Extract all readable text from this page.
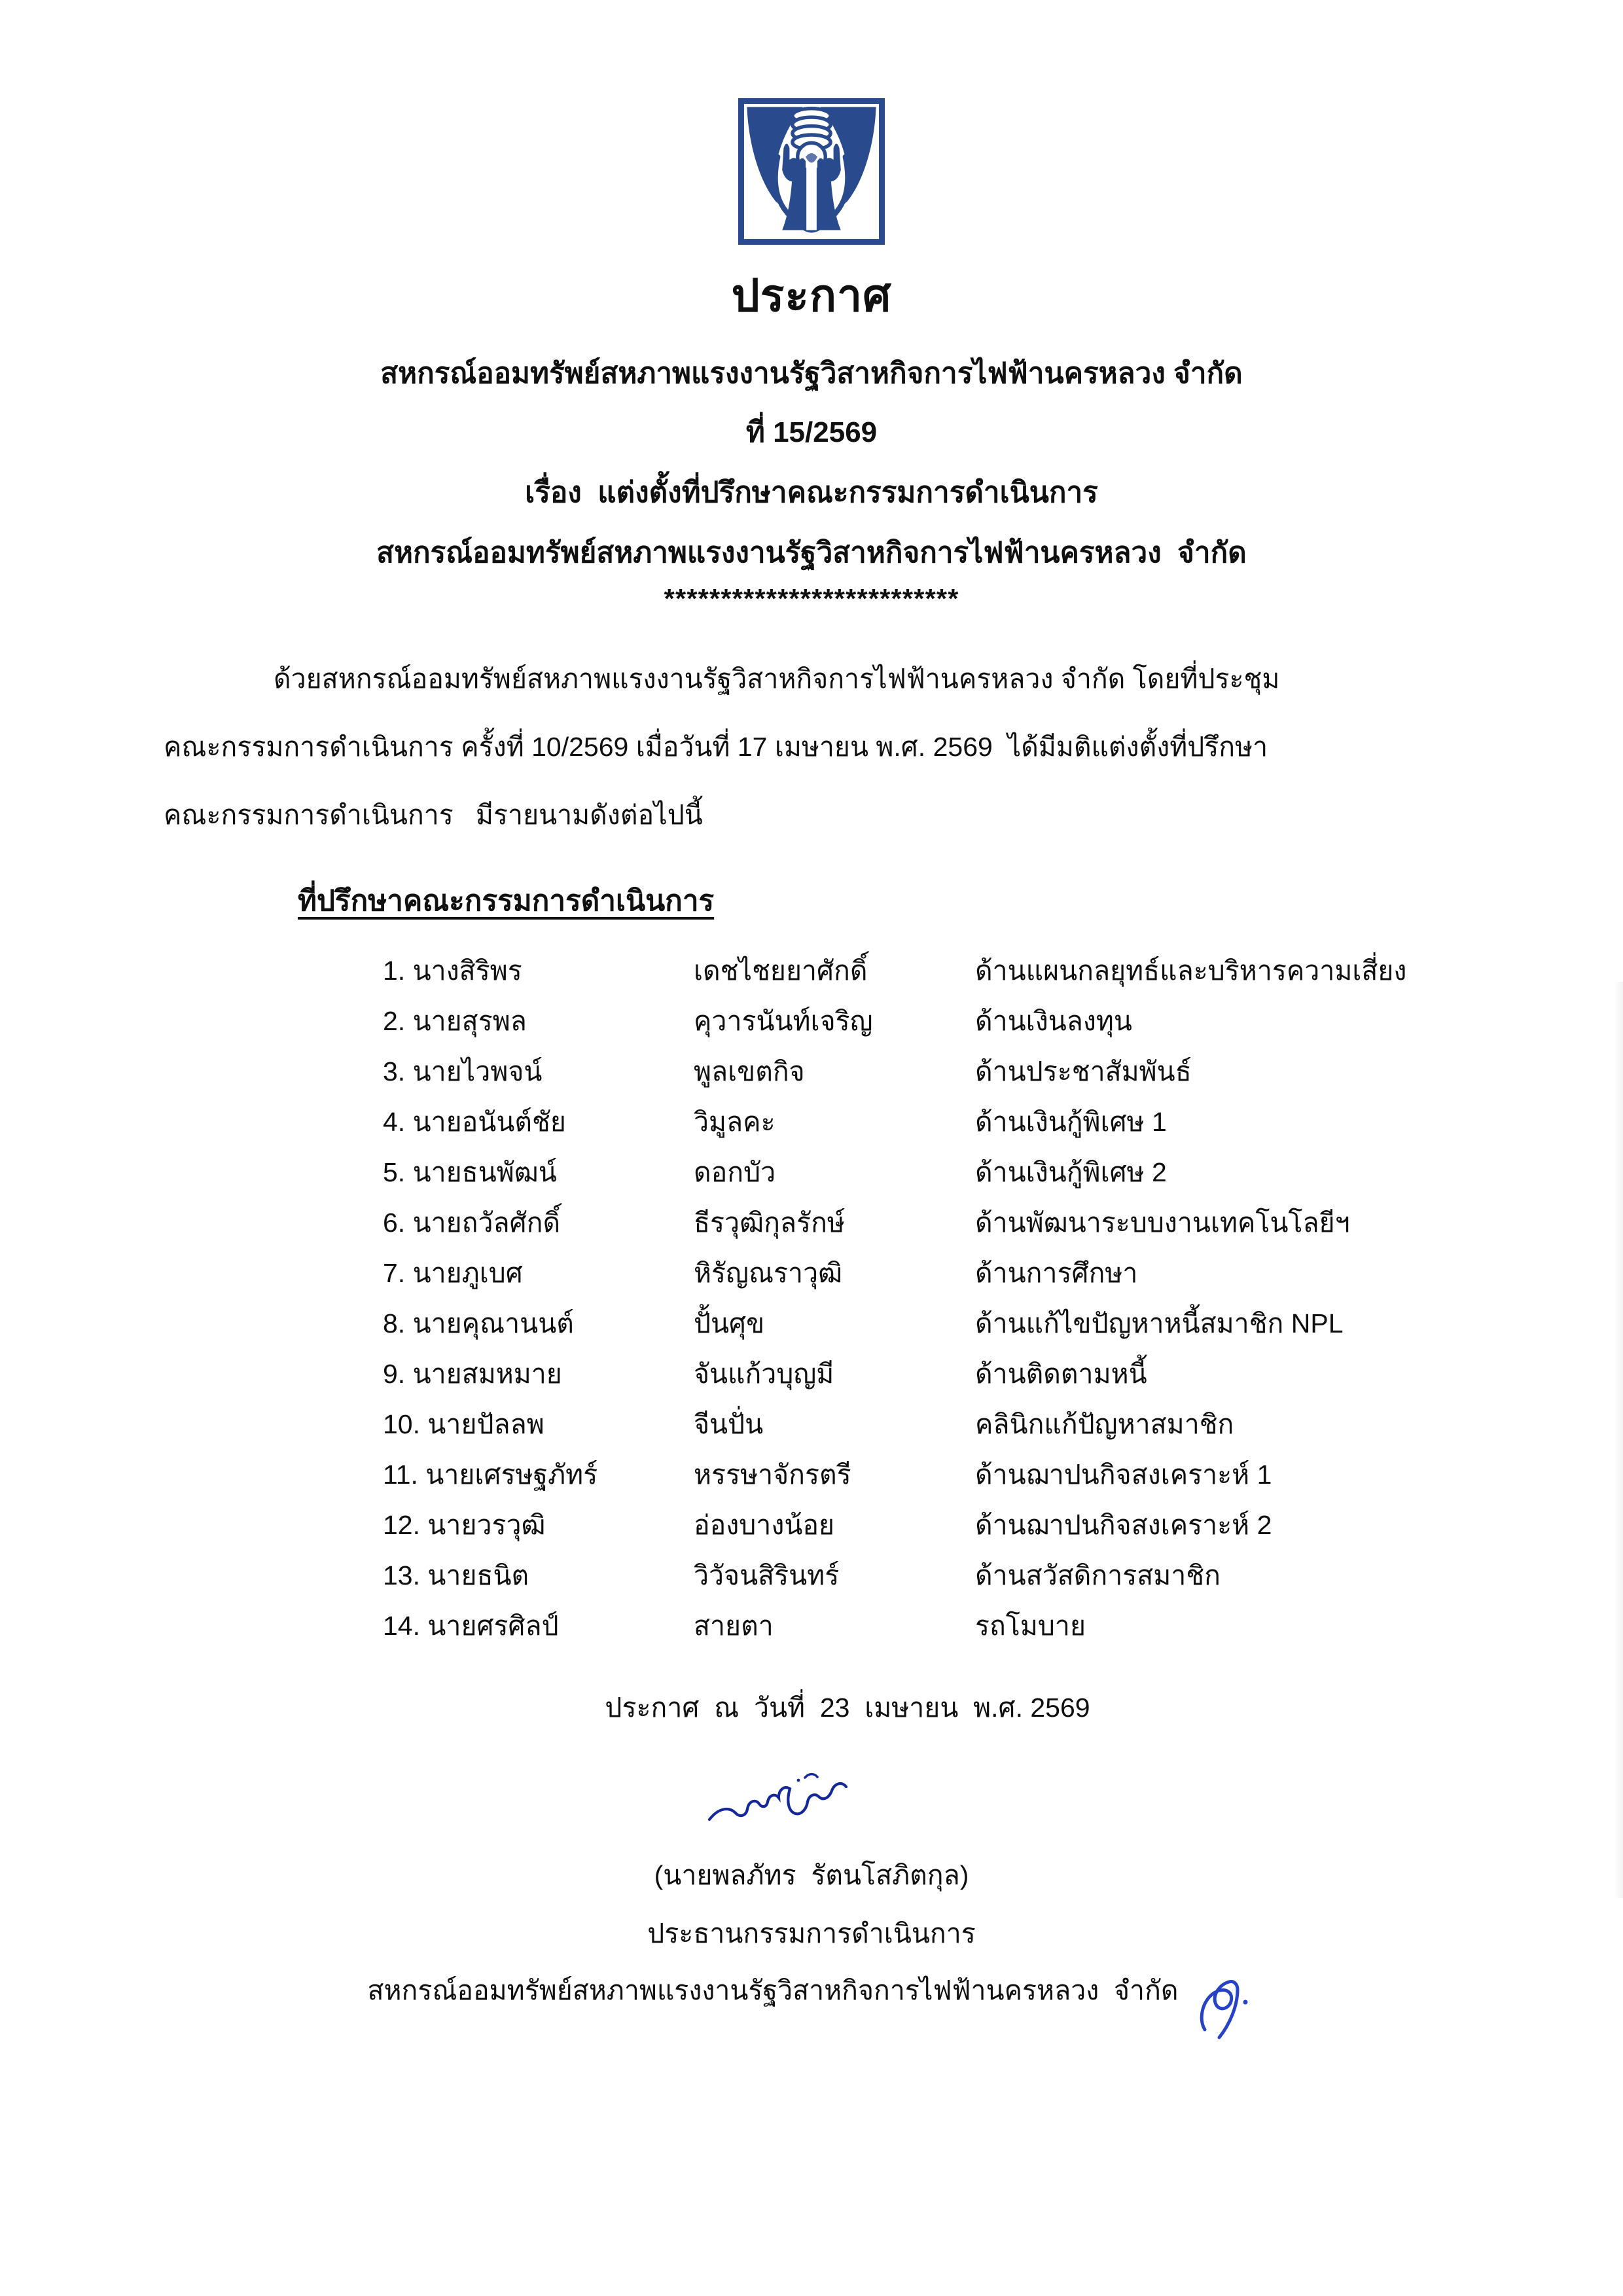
ประกาศ
สหกรณ์ออมทรัพย์สหภาพแรงงานรัฐวิสาหกิจการไฟฟ้านครหลวง จำกัด
ที่ 15/2569
เรื่อง  แต่งตั้งที่ปรึกษาคณะกรรมการดำเนินการ
สหกรณ์ออมทรัพย์สหภาพแรงงานรัฐวิสาหกิจการไฟฟ้านครหลวง  จำกัด
**************************
ด้วยสหกรณ์ออมทรัพย์สหภาพแรงงานรัฐวิสาหกิจการไฟฟ้านครหลวง จำกัด โดยที่ประชุม
คณะกรรมการดำเนินการ ครั้งที่ 10/2569 เมื่อวันที่ 17 เมษายน พ.ศ. 2569  ได้มีมติแต่งตั้งที่ปรึกษา
คณะกรรมการดำเนินการ   มีรายนามดังต่อไปนี้
ที่ปรึกษาคณะกรรมการดำเนินการ
1. นางสิริพร	เดชไชยยาศักดิ์	ด้านแผนกลยุทธ์และบริหารความเสี่ยง
2. นายสุรพล	คุวารนันท์เจริญ	ด้านเงินลงทุน
3. นายไวพจน์	พูลเขตกิจ	ด้านประชาสัมพันธ์
4. นายอนันต์ชัย	วิมูลคะ	ด้านเงินกู้พิเศษ 1
5. นายธนพัฒน์	ดอกบัว	ด้านเงินกู้พิเศษ 2
6. นายถวัลศักดิ์	ธีรวุฒิกุลรักษ์	ด้านพัฒนาระบบงานเทคโนโลยีฯ
7. นายภูเบศ	หิรัญณราวุฒิ	ด้านการศึกษา
8. นายคุณานนต์	ปั้นศุข	ด้านแก้ไขปัญหาหนี้สมาชิก NPL
9. นายสมหมาย	จันแก้วบุญมี	ด้านติดตามหนี้
10. นายปัลลพ	จีนปั่น	คลินิกแก้ปัญหาสมาชิก
11. นายเศรษฐภัทร์	หรรษาจักรตรี	ด้านฌาปนกิจสงเคราะห์ 1
12. นายวรวุฒิ	อ่องบางน้อย	ด้านฌาปนกิจสงเคราะห์ 2
13. นายธนิต	วิวัจนสิรินทร์	ด้านสวัสดิการสมาชิก
14. นายศรศิลป์	สายตา	รถโมบาย
ประกาศ  ณ  วันที่  23  เมษายน  พ.ศ. 2569
(นายพลภัทร  รัตนโสภิตกุล)
ประธานกรรมการดำเนินการ
สหกรณ์ออมทรัพย์สหภาพแรงงานรัฐวิสาหกิจการไฟฟ้านครหลวง  จำกัด
